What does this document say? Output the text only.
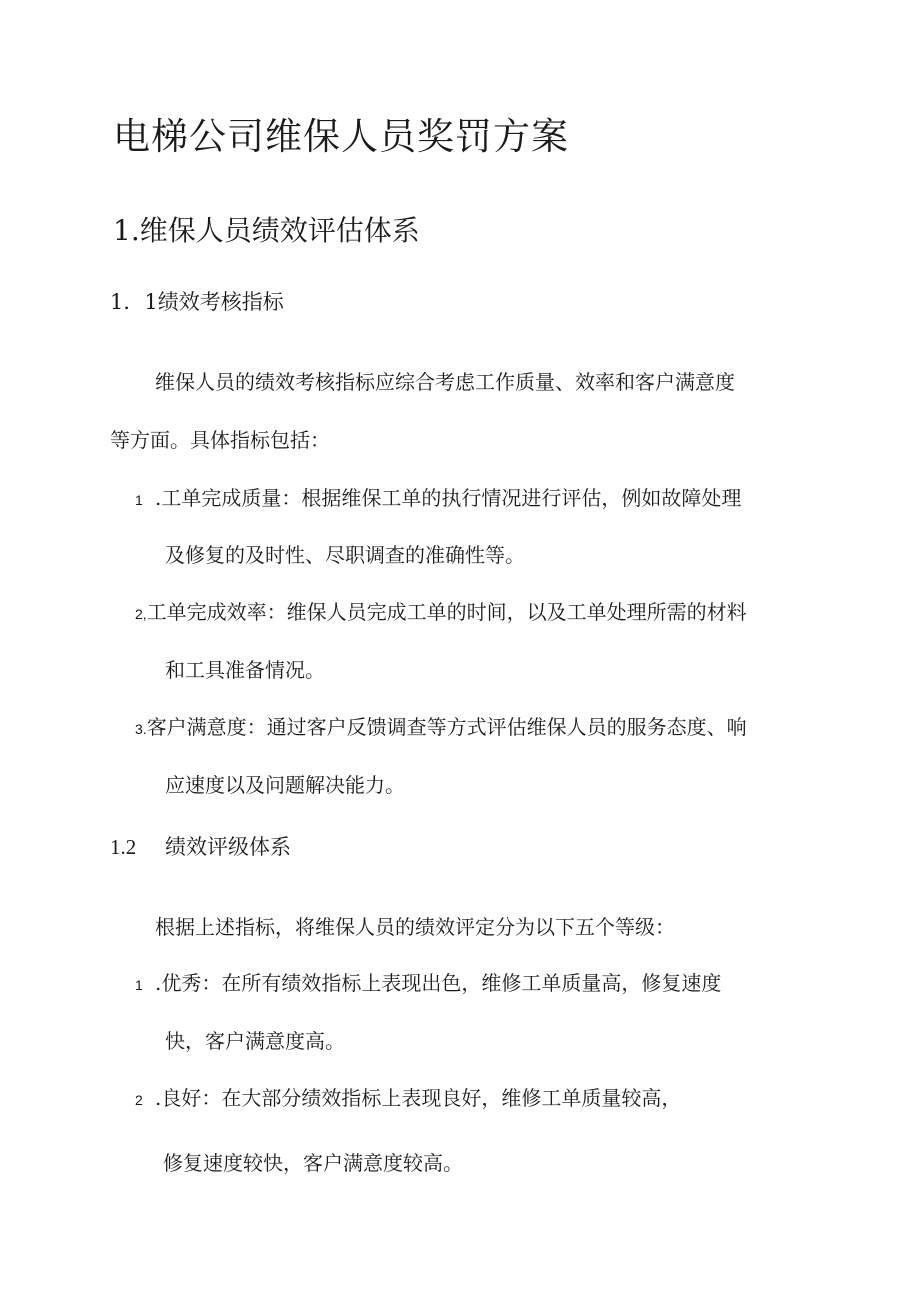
电梯公司维保人员奖罚方案
1.维保人员绩效评估体系
1．1绩效考核指标
维保人员的绩效考核指标应综合考虑工作质量、效率和客户满意度
等方面。具体指标包括：
1 .工单完成质量：根据维保工单的执行情况进行评估，例如故障处理
及修复的及时性、尽职调查的准确性等。
2,工单完成效率：维保人员完成工单的时间，以及工单处理所需的材料
和工具准备情况。
3.客户满意度：通过客户反馈调查等方式评估维保人员的服务态度、响
应速度以及问题解决能力。
1.2 绩效评级体系
根据上述指标，将维保人员的绩效评定分为以下五个等级：
1 .优秀：在所有绩效指标上表现出色，维修工单质量高，修复速度
快，客户满意度高。
2 .良好：在大部分绩效指标上表现良好，维修工单质量较高，
修复速度较快，客户满意度较高。
